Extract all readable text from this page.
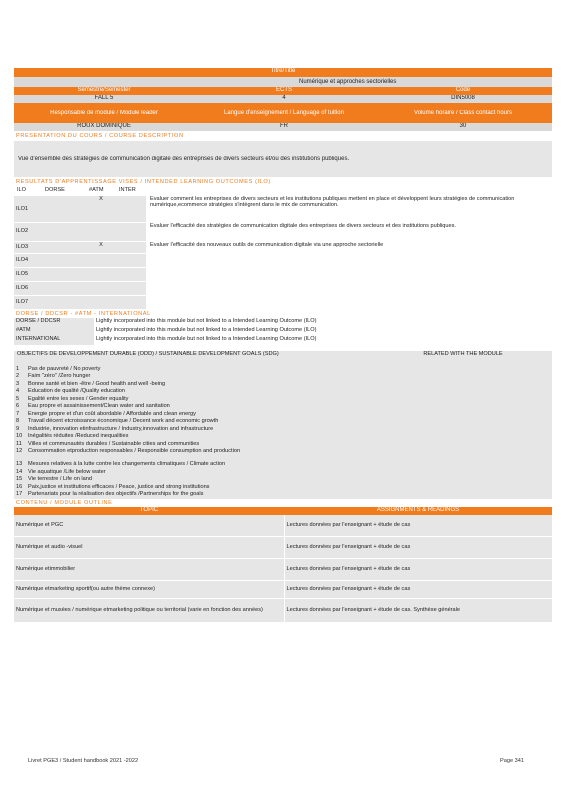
Titre/Title
Numérique et approches sectorielles
Semestre/Semester	ECTS	Code
FALL 5	4	DIN5008
Responsable de module / Module leader	Langue d'enseignement / Language of tuition	Volume horaire / Class contact hours
ROUX DOMINIQUE	FR	30
PRESENTATION DU COURS / COURSE DESCRIPTION
Vue d'ensemble des stratégies de communication digitale des entreprises de divers secteurs et/ou des institutions publiques.
RESULTATS D'APPRENTISSAGE VISES / INTENDED LEARNING OUTCOMES (ILO)
ILO	DORSE	#ATM	INTER
ILO1		X		Evaluer comment les entreprises de divers secteurs et les institutions publiques mettent en place et développent leurs stratégies de communication numérique,ecommerce stratégies s'intègrent dans le mix de communication.
ILO2				Evaluer l'efficacité des stratégies de communication digitale des entreprises de divers secteurs et des institutions publiques.
ILO3		X		Evaluer l'efficacité des nouveaux outils de communication digitale via une approche sectorielle
ILO4				
ILO5				
ILO6				
ILO7				
DORSE / DDCSR - #ATM - INTERNATIONAL
DORSE / DDCSR	Lightly incorporated into this module but not linked to a Intended Learning Outcome (ILO)
#ATM	Lightly incorporated into this module but not linked to a Intended Learning Outcome (ILO)
INTERNATIONAL	Lightly incorporated into this module but not linked to a Intended Learning Outcome (ILO)
OBJECTIFS DE DEVELOPPEMENT DURABLE (ODD) / SUSTAINABLE DEVELOPMENT GOALS (SDG)	RELATED WITH THE MODULE
1	Pas de pauvreté / No poverty	
2	Faim "zéro" /Zero hunger	
3	Bonne santé et bien -être / Good health and well -being	
4	Education de qualité /Quality education	
5	Egalité entre les sexes / Gender equality	
6	Eau propre et assainissement/Clean water and sanitation	
7	Energie propre et d'un coût abordable / Affordable and clean energy	
8	Travail décent etcroissance économique / Decent work and economic growth	
9	Industrie, innovation etinfrastructure / Industry,innovation and infrastructure	
10	Inégalités réduites /Reduced inequalities	
11	Villes et communautés durables / Sustainable cities and communities	
12	Consommation etproduction responsables / Responsible consumption and production	
13	Mesures relatives à la lutte contre les changements climatiques / Climate action	
14	Vie aquatique /Life below water	
15	Vie terrestre / Life on land	
16	Paix,justice et institutions efficaces / Peace, justice and strong institutions	
17	Partenariats pour la réalisation des objectifs /Partnerships for the goals	
CONTENU / MODULE OUTLINE
TOPIC	ASSIGNMENTS & READINGS
Numérique et PGC	Lectures données par l'enseignant + étude de cas
Numérique et audio -visuel	Lectures données par l'enseignant + étude de cas
Numérique etimmobilier	Lectures données par l'enseignant + étude de cas
Numérique etmarketing sportif(ou autre thème connexe)	Lectures données par l'enseignant + étude de cas
Numérique et musées / numérique etmarketing politique ou territorial (varie en fonction des années)	Lectures données par l'enseignant + étude de cas. Synthèse générale
Livret PGE3 / Student handbook 2021 -2022	Page 341
